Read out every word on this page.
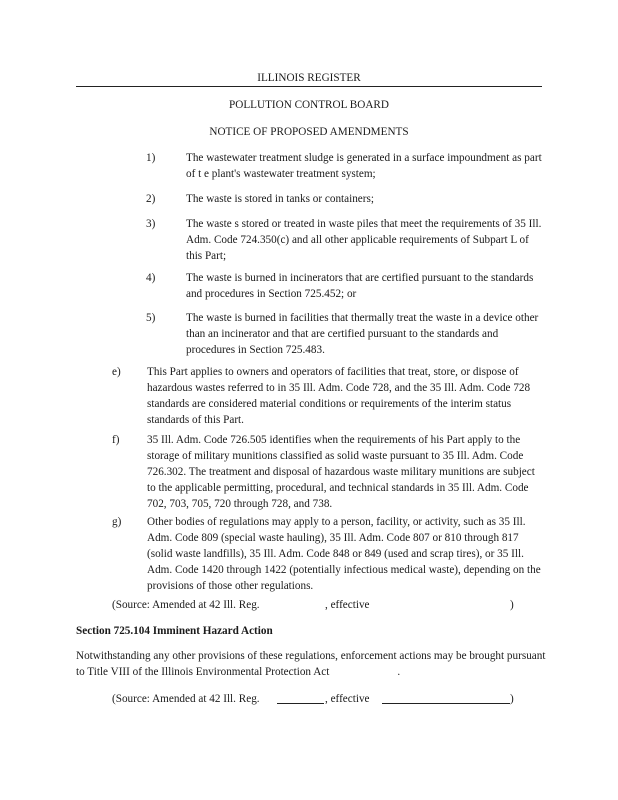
ILLINOIS REGISTER
POLLUTION CONTROL BOARD
NOTICE OF PROPOSED AMENDMENTS
1)	The wastewater treatment sludge is generated in a surface impoundment as part of t e plant's wastewater treatment system;

2)	The waste is stored in tanks or containers;

3)	The waste s stored or treated in waste piles that meet the requirements of 35 Ill. Adm. Code 724.350(c) and all other applicable requirements of Subpart L of this Part;

4)	The waste is burned in incinerators that are certified pursuant to the standards and procedures in Section 725.452; or

5)	The waste is burned in facilities that thermally treat the waste in a device other than an incinerator and that are certified pursuant to the standards and procedures in Section 725.483.

e) This Part applies to owners and operators of facilities that treat, store, or dispose of hazardous wastes referred to in 35 Ill. Adm. Code 728, and the 35 Ill. Adm. Code 728 standards are considered material conditions or requirements of the interim status standards of this Part.

f) 35 Ill. Adm. Code 726.505 identifies when the requirements of his Part apply to the storage of military munitions classified as solid waste pursuant to 35 Ill. Adm. Code 726.302. The treatment and disposal of hazardous waste military munitions are subject to the applicable permitting, procedural, and technical standards in 35 Ill. Adm. Code 702, 703, 705, 720 through 728, and 738.

g) Other bodies of regulations may apply to a person, facility, or activity, such as 35 Ill. Adm. Code 809 (special waste hauling), 35 Ill. Adm. Code 807 or 810 through 817 (solid waste landfills), 35 Ill. Adm. Code 848 or 849 (used and scrap tires), or 35 Ill. Adm. Code 1420 through 1422 (potentially infectious medical waste), depending on the provisions of those other regulations.

(Source: Amended at 42 Ill. Reg.	, effective	)
Section 725.104 Imminent Hazard Action

Notwithstanding any other provisions of these regulations, enforcement actions may be brought pursuant to Title VIII of the Illinois Environmental Protection Act	.

(Source: Amended at 42 Ill. Reg.	, effective	)
